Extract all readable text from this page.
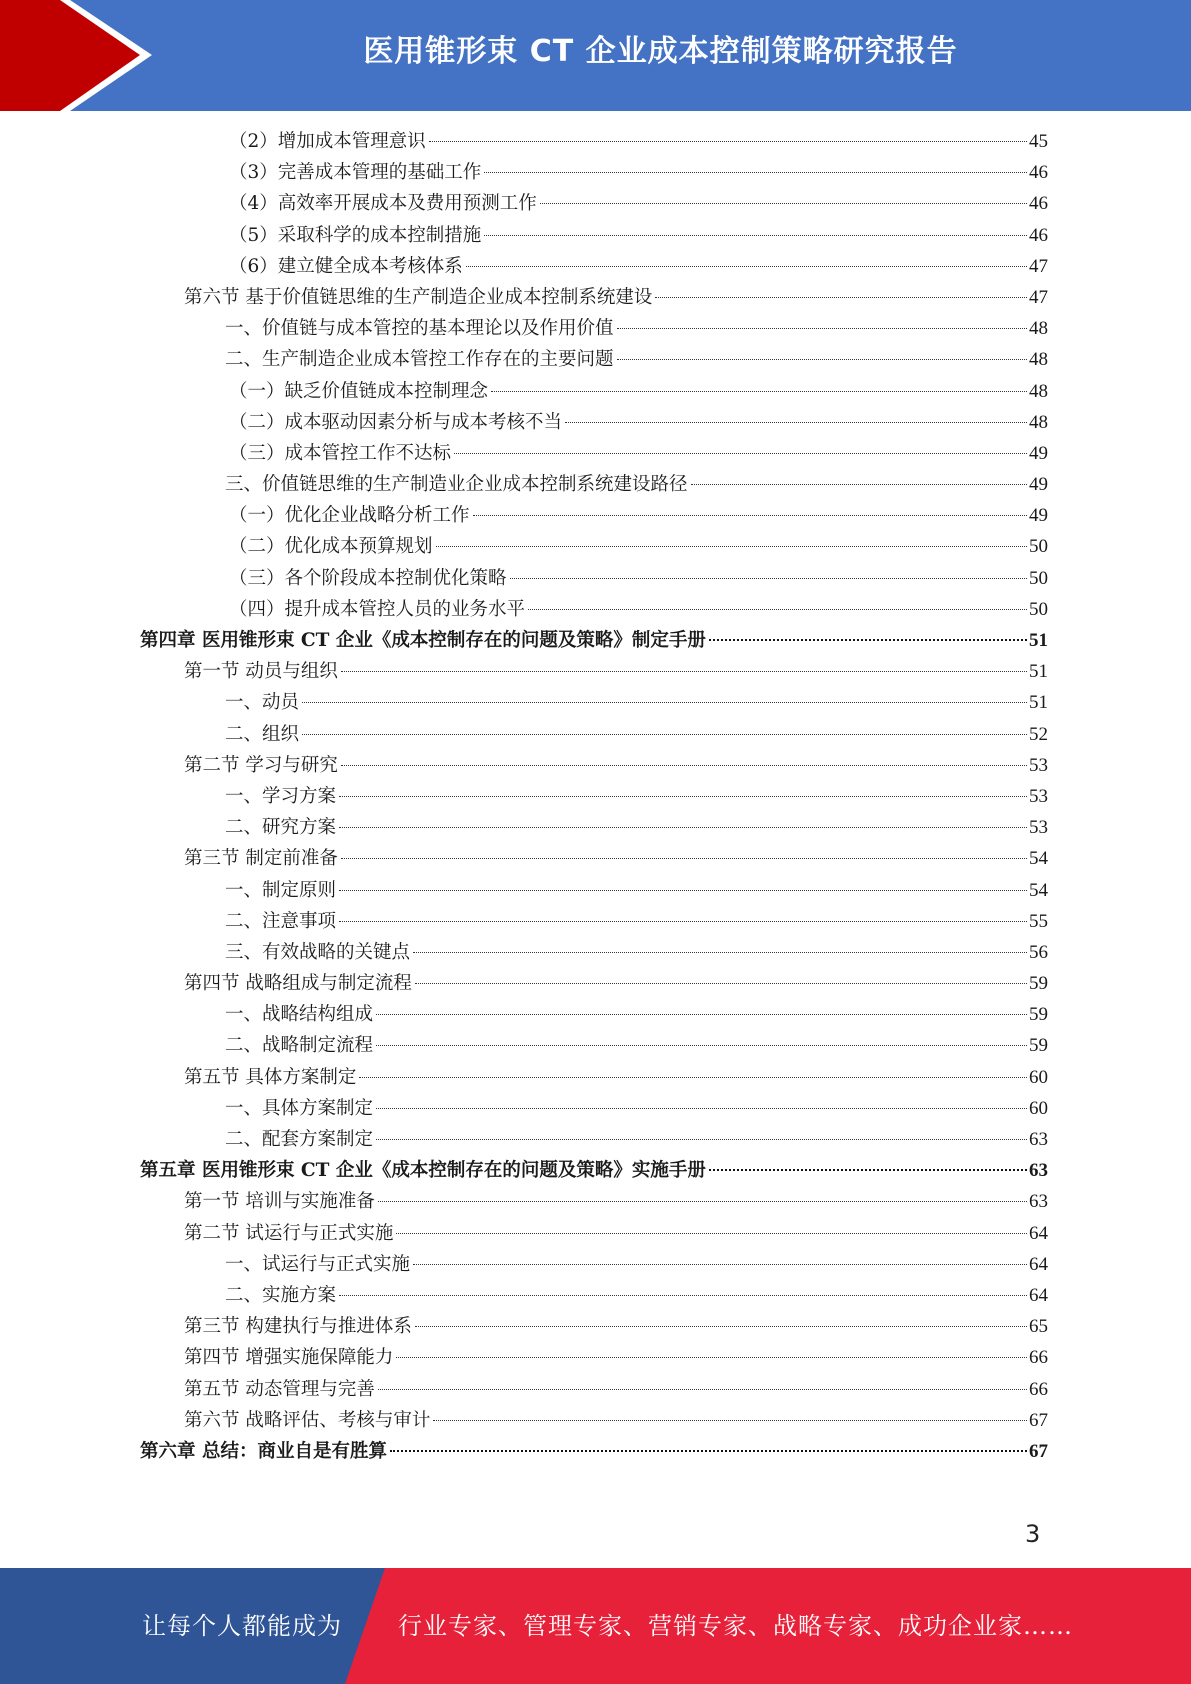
医用锥形束 CT 企业成本控制策略研究报告
（2）增加成本管理意识	45
（3）完善成本管理的基础工作	46
（4）高效率开展成本及费用预测工作	46
（5）采取科学的成本控制措施	46
（6）建立健全成本考核体系	47
第六节 基于价值链思维的生产制造企业成本控制系统建设	47
一、价值链与成本管控的基本理论以及作用价值	48
二、生产制造企业成本管控工作存在的主要问题	48
（一）缺乏价值链成本控制理念	48
（二）成本驱动因素分析与成本考核不当	48
（三）成本管控工作不达标	49
三、价值链思维的生产制造业企业成本控制系统建设路径	49
（一）优化企业战略分析工作	49
（二）优化成本预算规划	50
（三）各个阶段成本控制优化策略	50
（四）提升成本管控人员的业务水平	50
第四章 医用锥形束 CT 企业《成本控制存在的问题及策略》制定手册	51
第一节 动员与组织	51
一、动员	51
二、组织	52
第二节 学习与研究	53
一、学习方案	53
二、研究方案	53
第三节 制定前准备	54
一、制定原则	54
二、注意事项	55
三、有效战略的关键点	56
第四节 战略组成与制定流程	59
一、战略结构组成	59
二、战略制定流程	59
第五节 具体方案制定	60
一、具体方案制定	60
二、配套方案制定	63
第五章 医用锥形束 CT 企业《成本控制存在的问题及策略》实施手册	63
第一节 培训与实施准备	63
第二节 试运行与正式实施	64
一、试运行与正式实施	64
二、实施方案	64
第三节 构建执行与推进体系	65
第四节 增强实施保障能力	66
第五节 动态管理与完善	66
第六节 战略评估、考核与审计	67
第六章 总结：商业自是有胜算	67
3
让每个人都能成为 行业专家、管理专家、营销专家、战略专家、成功企业家……
